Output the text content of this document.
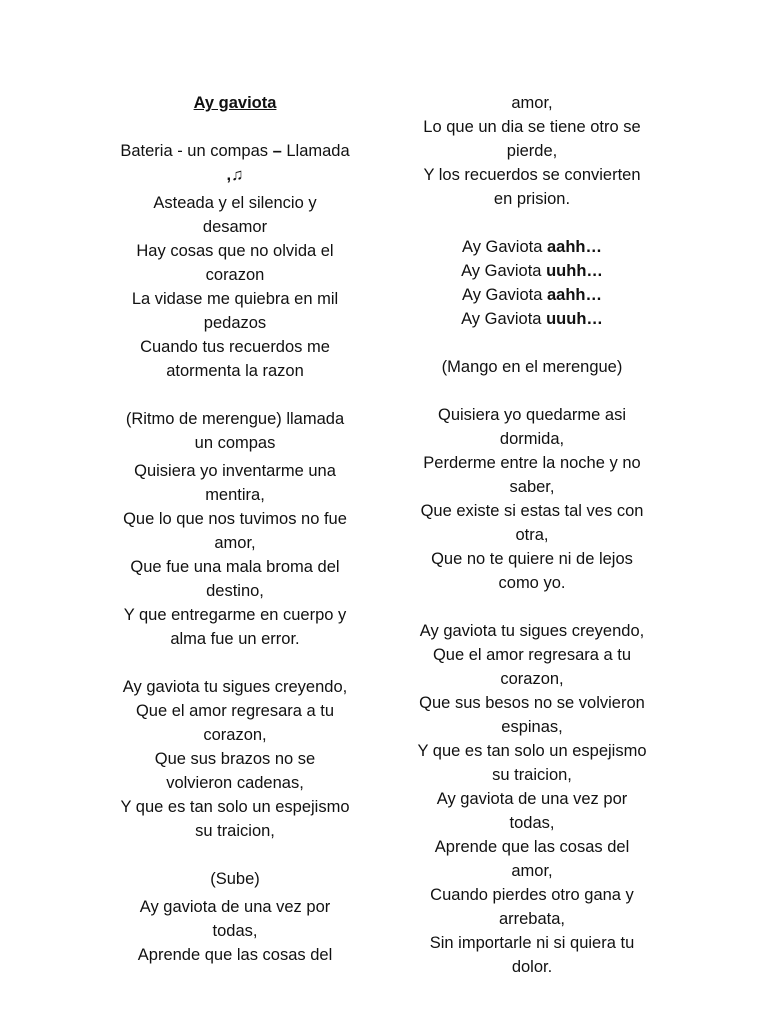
Ay gaviota
Bateria - un compas – Llamada
,♫
Asteada y el silencio y
desamor
Hay cosas que no olvida el
corazon
La vidase me quiebra en mil
pedazos
Cuando tus recuerdos me
atormenta la razon
(Ritmo de merengue) llamada
un compas
Quisiera yo inventarme una
mentira,
Que lo que nos tuvimos no fue
amor,
Que fue una mala broma del
destino,
Y que entregarme en cuerpo y
alma fue un error.
Ay gaviota tu sigues creyendo,
Que el amor regresara a tu
corazon,
Que sus brazos no se
volvieron cadenas,
Y que es tan solo un espejismo
su traicion,
(Sube)
Ay gaviota de una vez por
todas,
Aprende que las cosas del
amor,
Lo que un dia se tiene otro se
pierde,
Y los recuerdos se convierten
en prision.
Ay Gaviota aahh…
Ay Gaviota uuhh…
Ay Gaviota aahh…
Ay Gaviota uuuh…
(Mango en el merengue)
Quisiera yo quedarme asi
dormida,
Perderme entre la noche y no
saber,
Que existe si estas tal ves con
otra,
Que no te quiere ni de lejos
como yo.
Ay gaviota tu sigues creyendo,
Que el amor regresara a tu
corazon,
Que sus besos no se volvieron
espinas,
Y que es tan solo un espejismo
su traicion,
Ay gaviota de una vez por
todas,
Aprende que las cosas del
amor,
Cuando pierdes otro gana y
arrebata,
Sin importarle ni si quiera tu
dolor.
